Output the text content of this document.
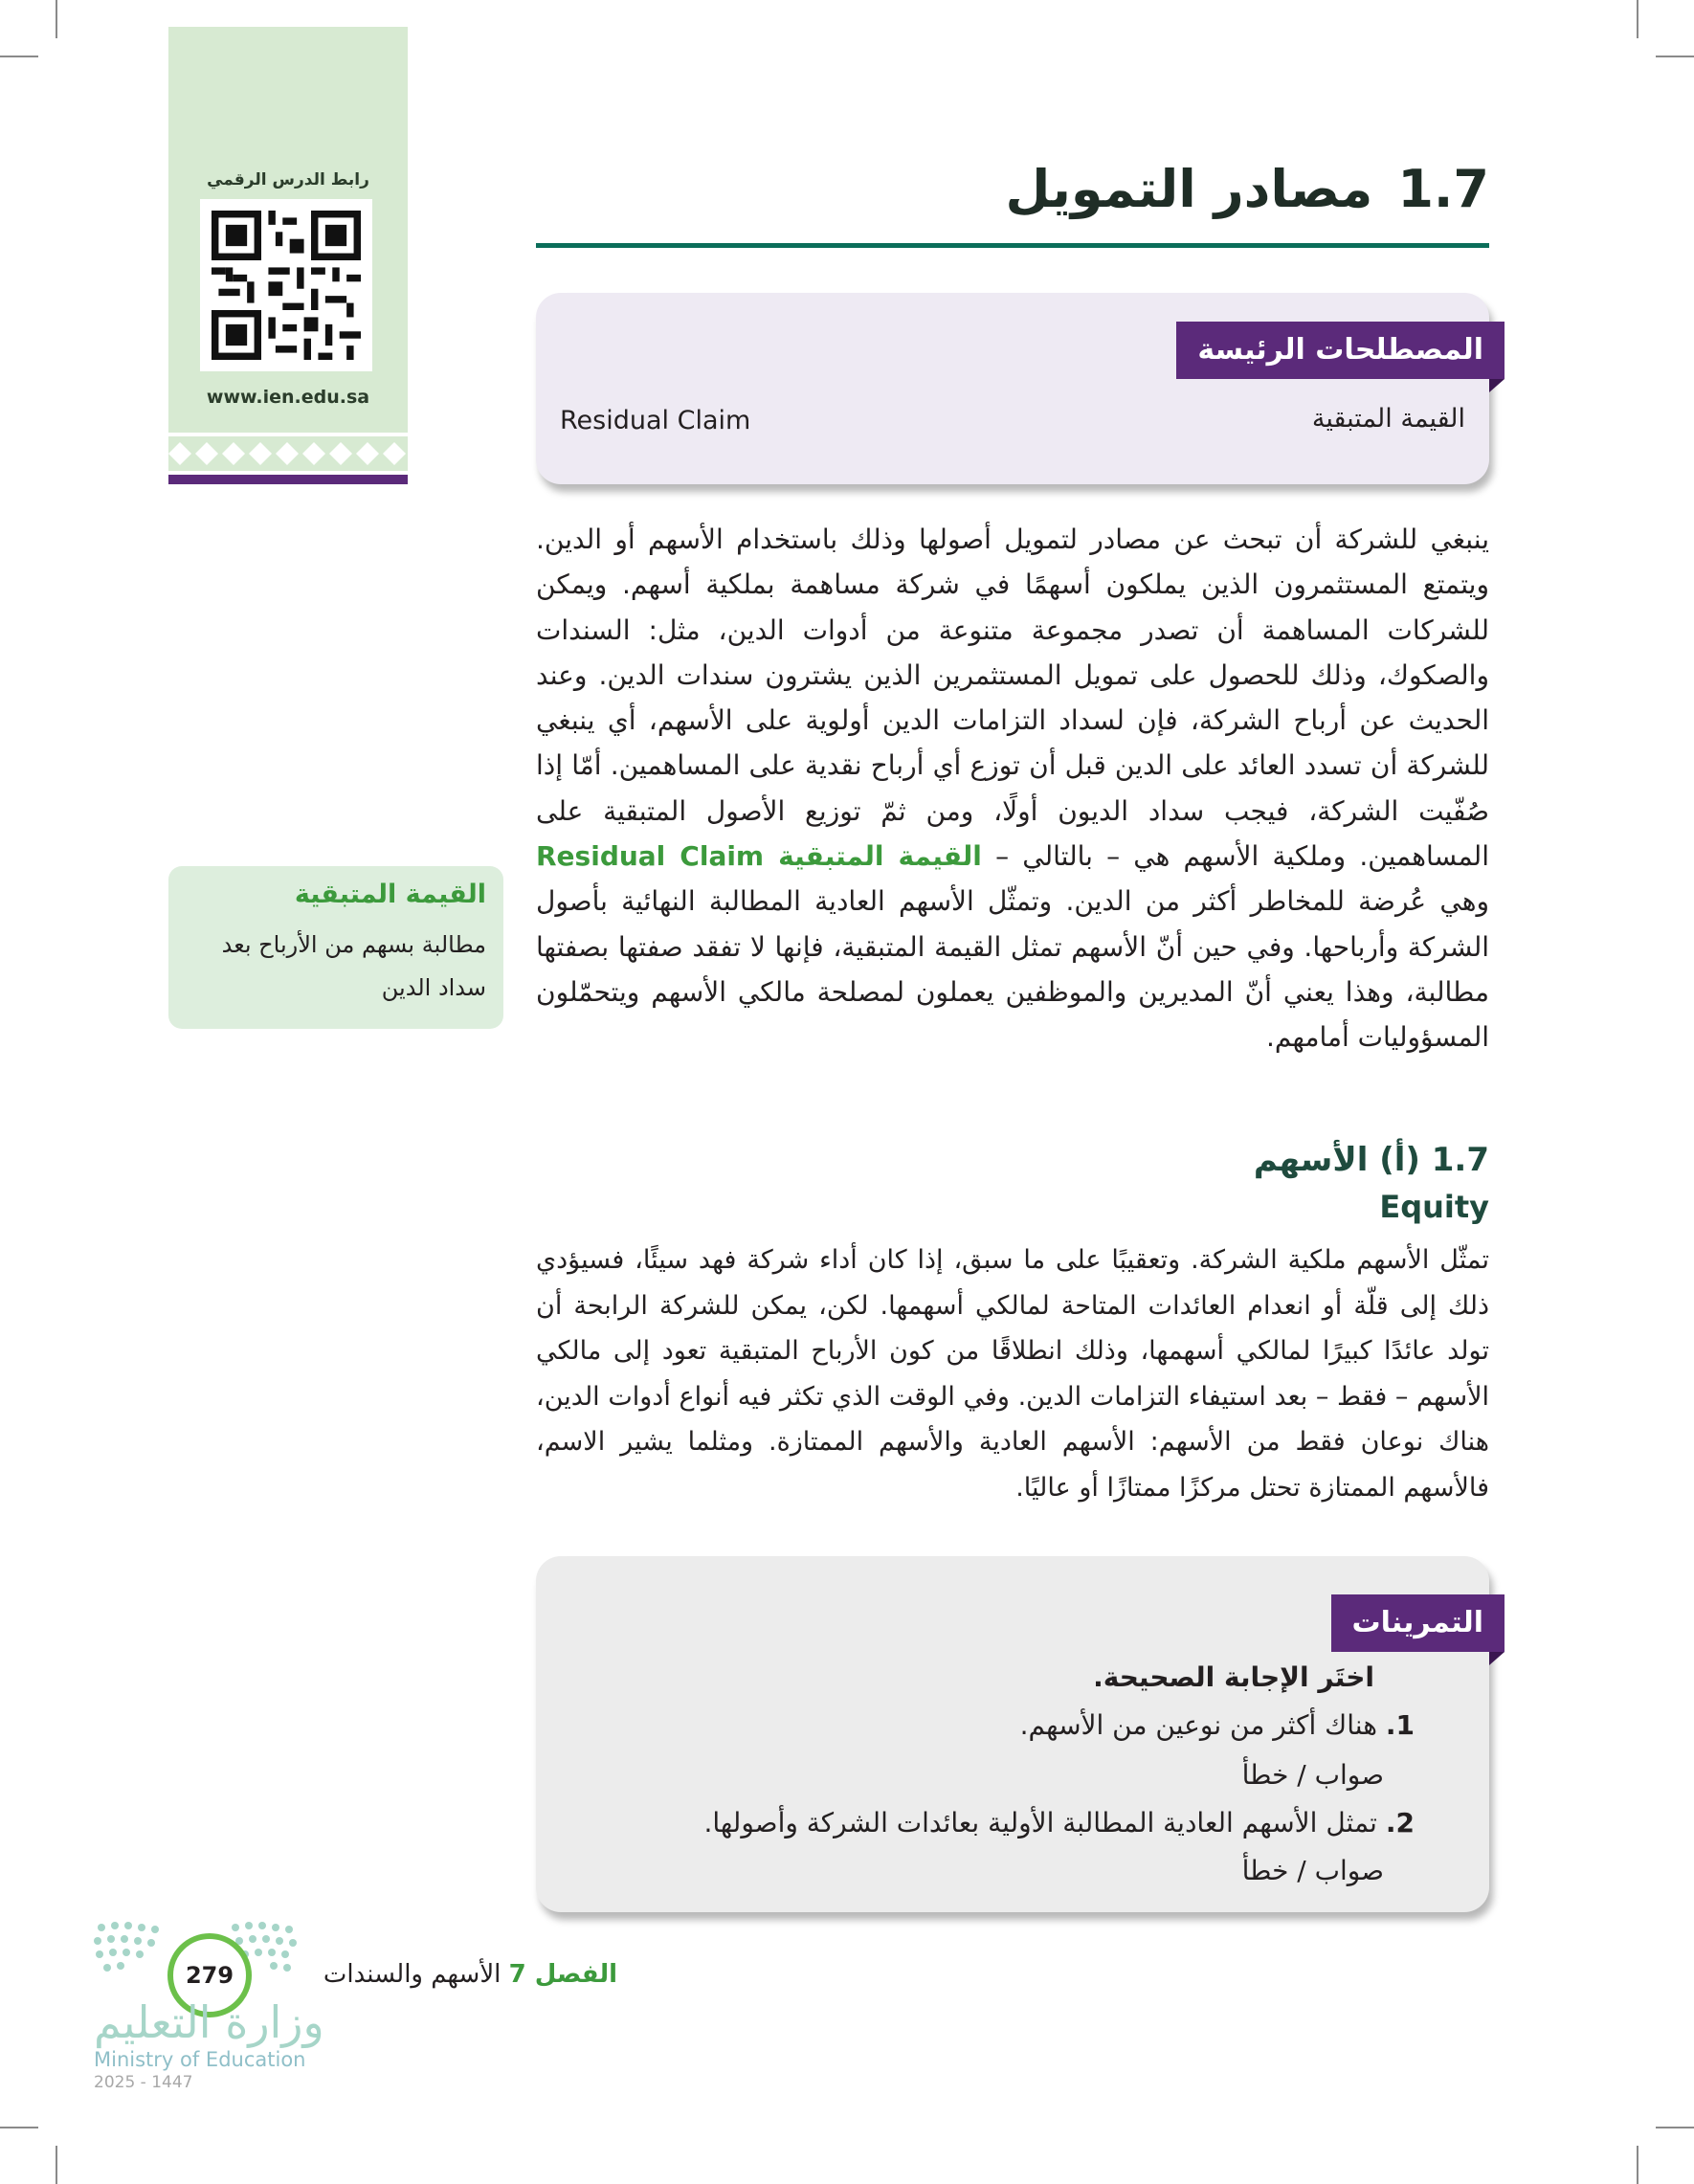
رابط الدرس الرقمي
www.ien.edu.sa
1.7مصادر التمويل
المصطلحات الرئيسة
القيمة المتبقية
Residual Claim
ينبغي للشركة أن تبحث عن مصادر لتمويل أصولها وذلك باستخدام الأسهم أو الدين. ويتمتع المستثمرون الذين يملكون أسهمًا في شركة مساهمة بملكية أسهم. ويمكن للشركات المساهمة أن تصدر مجموعة متنوعة من أدوات الدين، مثل: السندات والصكوك، وذلك للحصول على تمويل المستثمرين الذين يشترون سندات الدين. وعند الحديث عن أرباح الشركة، فإن لسداد التزامات الدين أولوية على الأسهم، أي ينبغي للشركة أن تسدد العائد على الدين قبل أن توزع أي أرباح نقدية على المساهمين. أمّا إذا صُفّيت الشركة، فيجب سداد الديون أولًا، ومن ثمّ توزيع الأصول المتبقية على المساهمين. وملكية الأسهم هي – بالتالي – القيمة المتبقية Residual Claim وهي عُرضة للمخاطر أكثر من الدين. وتمثّل الأسهم العادية المطالبة النهائية بأصول الشركة وأرباحها. وفي حين أنّ الأسهم تمثل القيمة المتبقية، فإنها لا تفقد صفتها بصفتها مطالبة، وهذا يعني أنّ المديرين والموظفين يعملون لمصلحة مالكي الأسهم ويتحمّلون المسؤوليات أمامهم.
القيمة المتبقية
مطالبة بسهم من الأرباح بعد سداد الدين
1.7 (أ) الأسهم
Equity
تمثّل الأسهم ملكية الشركة. وتعقيبًا على ما سبق، إذا كان أداء شركة فهد سيئًا، فسيؤدي ذلك إلى قلّة أو انعدام العائدات المتاحة لمالكي أسهمها. لكن، يمكن للشركة الرابحة أن تولد عائدًا كبيرًا لمالكي أسهمها، وذلك انطلاقًا من كون الأرباح المتبقية تعود إلى مالكي الأسهم – فقط – بعد استيفاء التزامات الدين. وفي الوقت الذي تكثر فيه أنواع أدوات الدين، هناك نوعان فقط من الأسهم: الأسهم العادية والأسهم الممتازة. ومثلما يشير الاسم، فالأسهم الممتازة تحتل مركزًا ممتازًا أو عاليًا.
التمرينات
اختَر الإجابة الصحيحة.
1. هناك أكثر من نوعين من الأسهم.
صواب / خطأ
2. تمثل الأسهم العادية المطالبة الأولية بعائدات الشركة وأصولها.
صواب / خطأ
279	الفصل 7 الأسهم والسندات
وزارة التعليم
Ministry of Education
2025 - 1447
